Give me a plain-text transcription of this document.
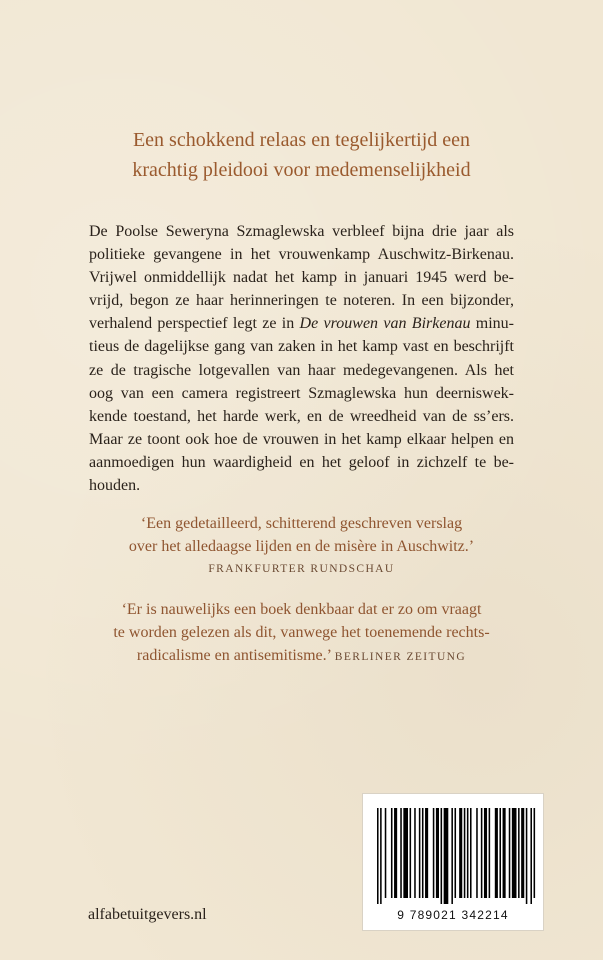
Een schokkend relaas en tegelijkertijd een
krachtig pleidooi voor medemenselijkheid
De Poolse Seweryna Szmaglewska verbleef bijna drie jaar als
politieke gevangene in het vrouwenkamp Auschwitz-Birkenau.
Vrijwel onmiddellijk nadat het kamp in januari 1945 werd be-
vrijd, begon ze haar herinneringen te noteren. In een bijzonder,
verhalend perspectief legt ze in De vrouwen van Birkenau minu-
tieus de dagelijkse gang van zaken in het kamp vast en beschrijft
ze de tragische lotgevallen van haar medegevangenen. Als het
oog van een camera registreert Szmaglewska hun deerniswek-
kende toestand, het harde werk, en de wreedheid van de ss’ers.
Maar ze toont ook hoe de vrouwen in het kamp elkaar helpen en
aanmoedigen hun waardigheid en het geloof in zichzelf te be-
houden.
‘Een gedetailleerd, schitterend geschreven verslag
over het alledaagse lijden en de misère in Auschwitz.’
FRANKFURTER RUNDSCHAU
‘Er is nauwelijks een boek denkbaar dat er zo om vraagt
te worden gelezen als dit, vanwege het toenemende rechts-
radicalisme en antisemitisme.’ BERLINER ZEITUNG
alfabetuitgevers.nl	9 789021 342214
